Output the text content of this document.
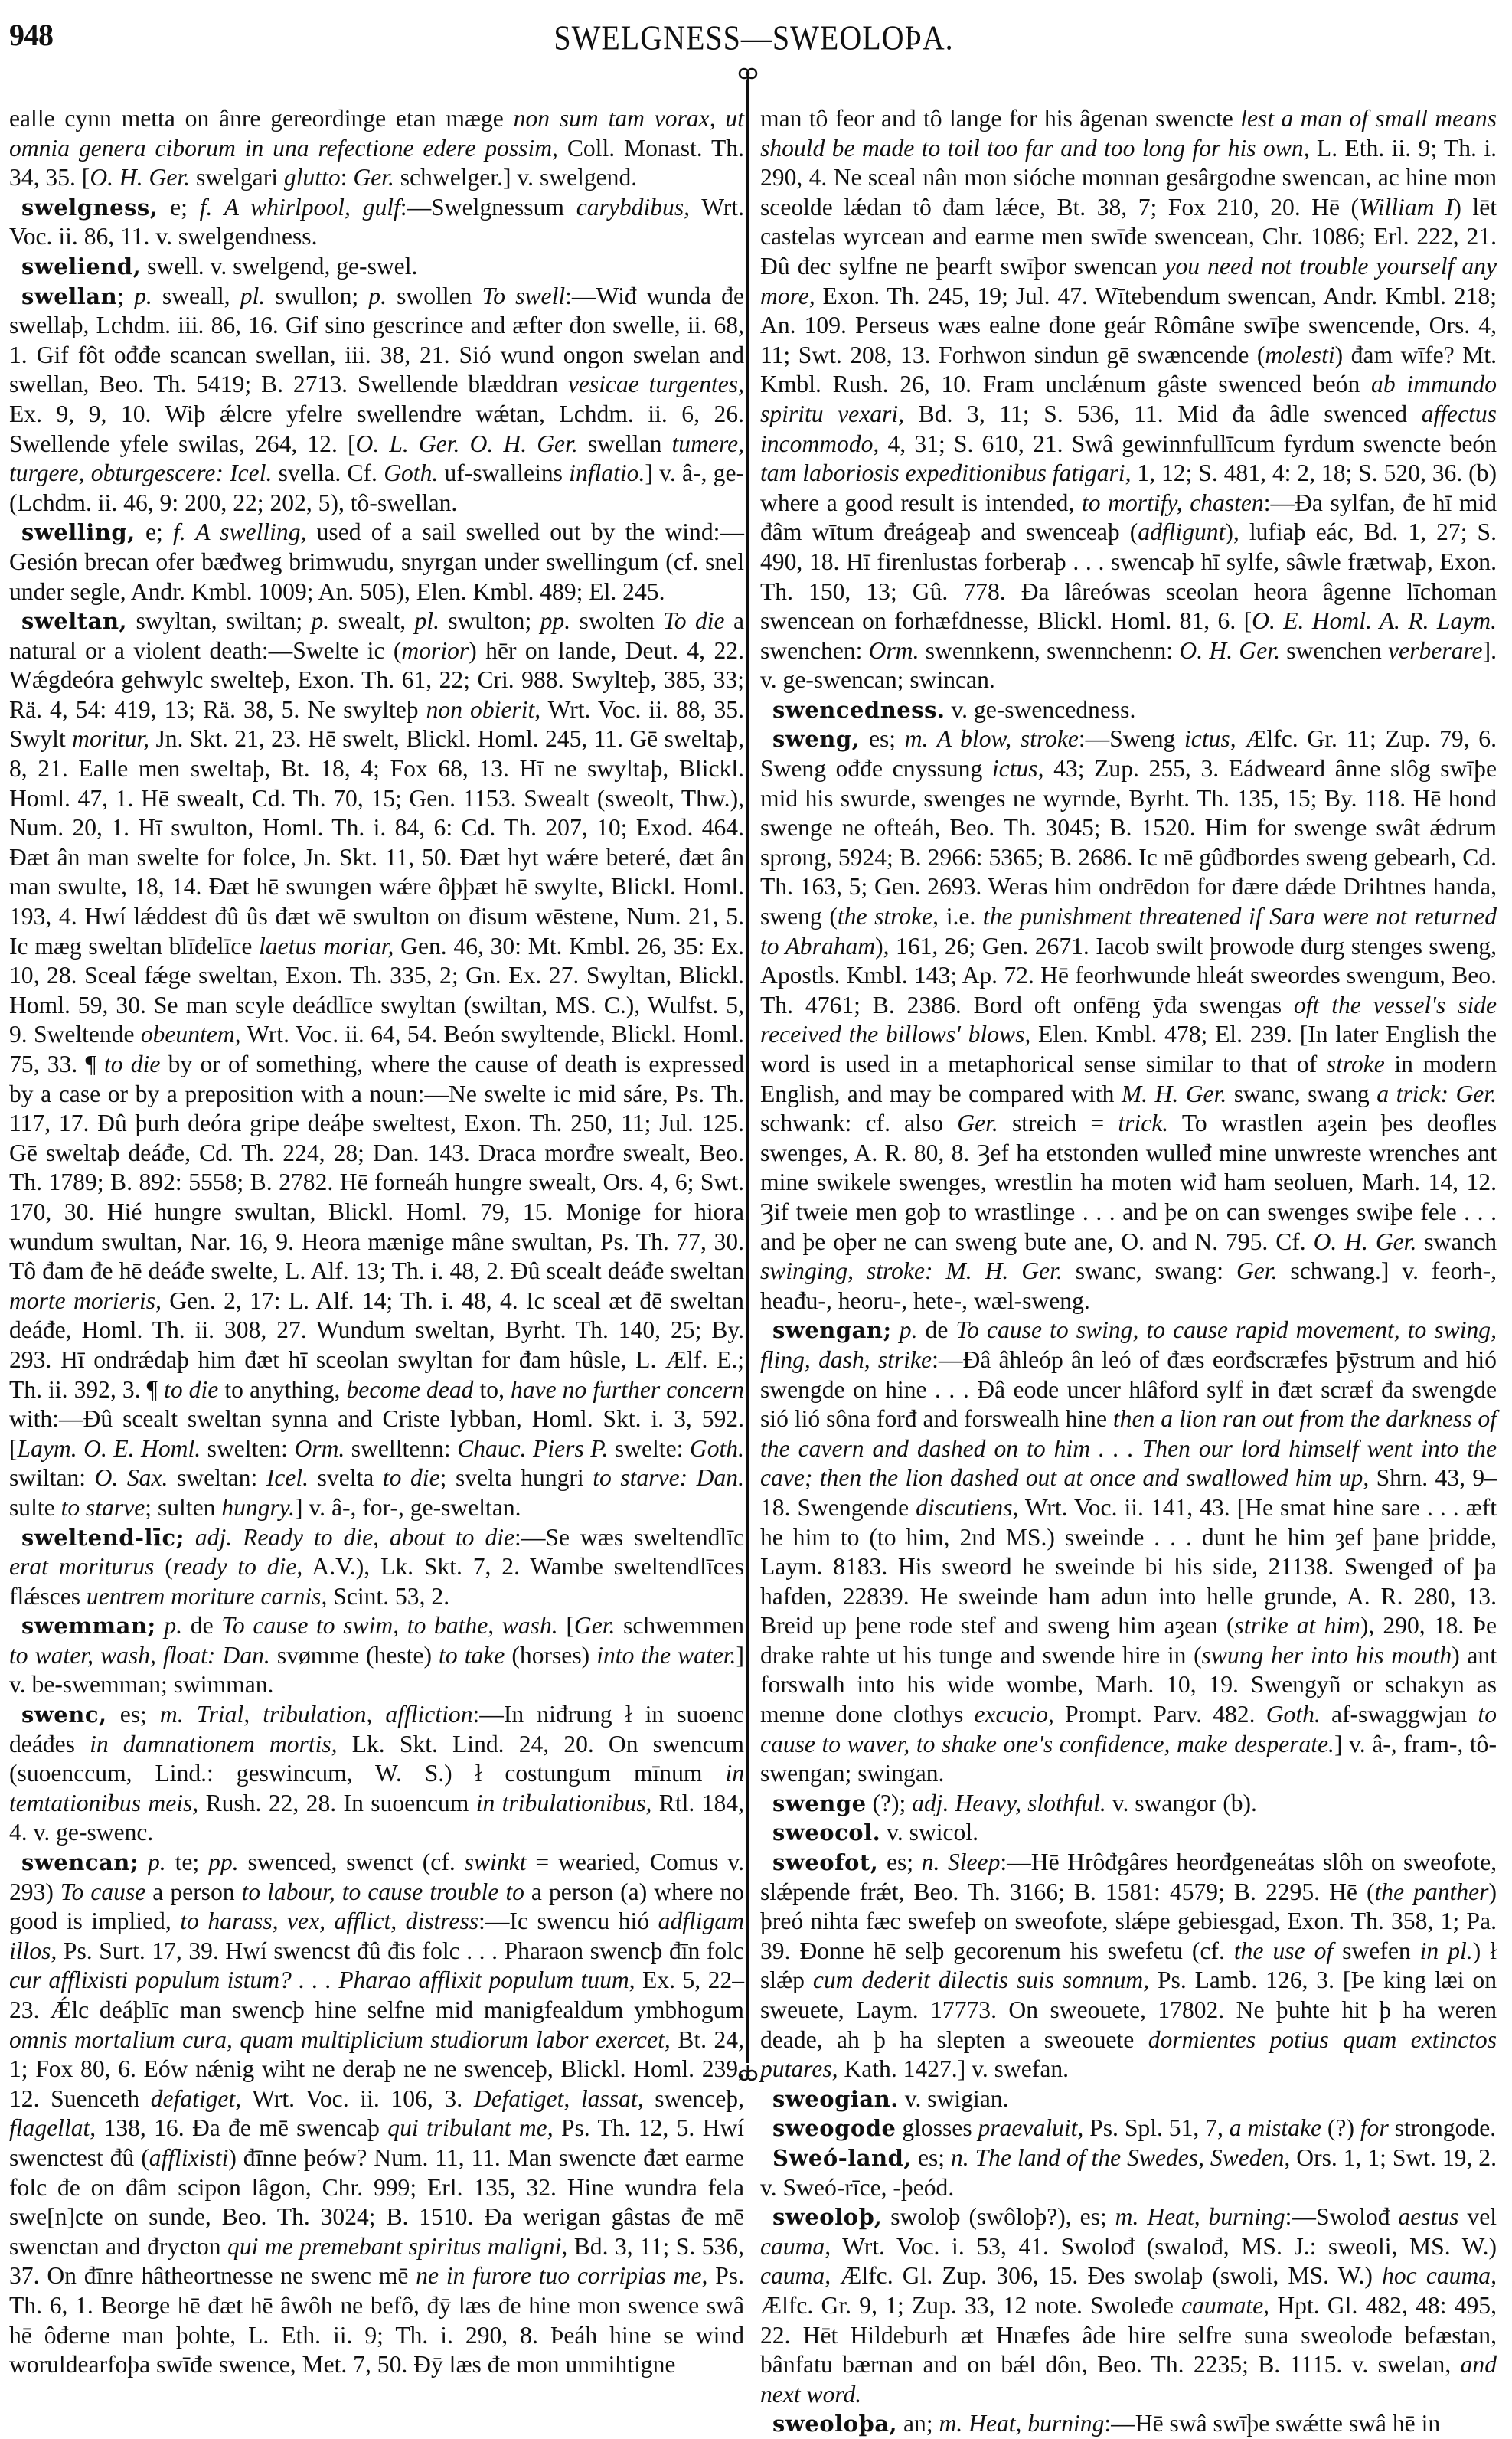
948	SWELGNESS—SWEOLOÞA.

ealle cynn metta on ânre gereordinge etan mæge non sum tam vorax, ut omnia genera ciborum in una refectione edere possim, Coll. Monast. Th. 34, 35. [O. H. Ger. swelgari glutto: Ger. schwelger.] v. swelgend.

swelgness, e; f. A whirlpool, gulf:—Swelgnessum carybdibus, Wrt. Voc. ii. 86, 11. v. swelgendness.

sweliend, swell. v. swelgend, ge-swel.

swellan; p. sweall, pl. swullon; p. swollen To swell:—Wiđ wunda đe swellaþ, Lchdm. iii. 86, 16. Gif sino gescrince and æfter đon swelle, ii. 68, 1. Gif fôt ođđe scancan swellan, iii. 38, 21. Sió wund ongon swelan and swellan, Beo. Th. 5419; B. 2713. Swellende blæddran vesicae turgentes, Ex. 9, 9, 10. Wiþ ǽlcre yfelre swellendre wǽtan, Lchdm. ii. 6, 26. Swellende yfele swilas, 264, 12. [O. L. Ger. O. H. Ger. swellan tumere, turgere, obturgescere: Icel. svella. Cf. Goth. uf-swalleins inflatio.] v. â-, ge- (Lchdm. ii. 46, 9: 200, 22; 202, 5), tô-swellan.

swelling, e; f. A swelling, used of a sail swelled out by the wind:—Gesión brecan ofer bæđweg brimwudu, snyrgan under swellingum (cf. snel under segle, Andr. Kmbl. 1009; An. 505), Elen. Kmbl. 489; El. 245.

sweltan, swyltan, swiltan; p. swealt, pl. swulton; pp. swolten To die a natural or a violent death:—Swelte ic (morior) hēr on lande, Deut. 4, 22. Wǽgdeóra gehwylc swelteþ, Exon. Th. 61, 22; Cri. 988. Swylteþ, 385, 33; Rä. 4, 54: 419, 13; Rä. 38, 5. Ne swylteþ non obierit, Wrt. Voc. ii. 88, 35. Swylt moritur, Jn. Skt. 21, 23. Hē swelt, Blickl. Homl. 245, 11. Gē sweltaþ, 8, 21. Ealle men sweltaþ, Bt. 18, 4; Fox 68, 13. Hī ne swyltaþ, Blickl. Homl. 47, 1. Hē swealt, Cd. Th. 70, 15; Gen. 1153. Swealt (sweolt, Thw.), Num. 20, 1. Hī swulton, Homl. Th. i. 84, 6: Cd. Th. 207, 10; Exod. 464. Đæt ân man swelte for folce, Jn. Skt. 11, 50. Đæt hyt wǽre beteré, đæt ân man swulte, 18, 14. Đæt hē swungen wǽre ôþþæt hē swylte, Blickl. Homl. 193, 4. Hwí lǽddest đû ûs đæt wē swulton on đisum wēstene, Num. 21, 5. Ic mæg sweltan blīđelīce laetus moriar, Gen. 46, 30: Mt. Kmbl. 26, 35: Ex. 10, 28. Sceal fǽge sweltan, Exon. Th. 335, 2; Gn. Ex. 27. Swyltan, Blickl. Homl. 59, 30. Se man scyle deádlīce swyltan (swiltan, MS. C.), Wulfst. 5, 9. Sweltende obeuntem, Wrt. Voc. ii. 64, 54. Beón swyltende, Blickl. Homl. 75, 33. ¶ to die by or of something, where the cause of death is expressed by a case or by a preposition with a noun:—Ne swelte ic mid sáre, Ps. Th. 117, 17. Đû þurh deóra gripe deáþe sweltest, Exon. Th. 250, 11; Jul. 125. Gē sweltaþ deáđe, Cd. Th. 224, 28; Dan. 143. Draca morđre swealt, Beo. Th. 1789; B. 892: 5558; B. 2782. Hē forneáh hungre swealt, Ors. 4, 6; Swt. 170, 30. Hié hungre swultan, Blickl. Homl. 79, 15. Monige for hiora wundum swultan, Nar. 16, 9. Heora mænige mâne swultan, Ps. Th. 77, 30. Tô đam đe hē deáđe swelte, L. Alf. 13; Th. i. 48, 2. Đû scealt deáđe sweltan morte morieris, Gen. 2, 17: L. Alf. 14; Th. i. 48, 4. Ic sceal æt đē sweltan deáđe, Homl. Th. ii. 308, 27. Wundum sweltan, Byrht. Th. 140, 25; By. 293. Hī ondrǽdaþ him đæt hī sceolan swyltan for đam hûsle, L. Ælf. E.; Th. ii. 392, 3. ¶ to die to anything, become dead to, have no further concern with:—Đû scealt sweltan synna and Criste lybban, Homl. Skt. i. 3, 592. [Laym. O. E. Homl. swelten: Orm. swelltenn: Chauc. Piers P. swelte: Goth. swiltan: O. Sax. sweltan: Icel. svelta to die; svelta hungri to starve: Dan. sulte to starve; sulten hungry.] v. â-, for-, ge-sweltan.

sweltend-līc; adj. Ready to die, about to die:—Se wæs sweltendlīc erat moriturus (ready to die, A.V.), Lk. Skt. 7, 2. Wambe sweltendlīces flǽsces uentrem moriture carnis, Scint. 53, 2.

swemman; p. de To cause to swim, to bathe, wash. [Ger. schwemmen to water, wash, float: Dan. svømme (heste) to take (horses) into the water.] v. be-swemman; swimman.

swenc, es; m. Trial, tribulation, affliction:—In niđrung ł in suoenc deáđes in damnationem mortis, Lk. Skt. Lind. 24, 20. On swencum (suoenccum, Lind.: geswincum, W. S.) ł costungum mīnum in temtationibus meis, Rush. 22, 28. In suoencum in tribulationibus, Rtl. 184, 4. v. ge-swenc.

swencan; p. te; pp. swenced, swenct (cf. swinkt = wearied, Comus v. 293) To cause a person to labour, to cause trouble to a person (a) where no good is implied, to harass, vex, afflict, distress:—Ic swencu hió adfligam illos, Ps. Surt. 17, 39. Hwí swencst đû đis folc . . . Pharaon swencþ đīn folc cur afflixisti populum istum? . . . Pharao afflixit populum tuum, Ex. 5, 22–23. Ǽlc deáþlīc man swencþ hine selfne mid manigfealdum ymbhogum omnis mortalium cura, quam multiplicium studiorum labor exercet, Bt. 24, 1; Fox 80, 6. Eów nǽnig wiht ne deraþ ne ne swenceþ, Blickl. Homl. 239, 12. Suenceth defatiget, Wrt. Voc. ii. 106, 3. Defatiget, lassat, swenceþ, flagellat, 138, 16. Đa đe mē swencaþ qui tribulant me, Ps. Th. 12, 5. Hwí swenctest đû (afflixisti) đīnne þeów? Num. 11, 11. Man swencte đæt earme folc đe on đâm scipon lâgon, Chr. 999; Erl. 135, 32. Hine wundra fela swe[n]cte on sunde, Beo. Th. 3024; B. 1510. Đa werigan gâstas đe mē swenctan and đrycton qui me premebant spiritus maligni, Bd. 3, 11; S. 536, 37. On đīnre hâtheortnesse ne swenc mē ne in furore tuo corripias me, Ps. Th. 6, 1. Beorge hē đæt hē âwôh ne befô, đȳ læs đe hine mon swence swâ hē ôđerne man þohte, L. Eth. ii. 9; Th. i. 290, 8. Þeáh hine se wind woruldearfoþa swīđe swence, Met. 7, 50. Đȳ læs đe mon unmihtigne

man tô feor and tô lange for his âgenan swencte lest a man of small means should be made to toil too far and too long for his own, L. Eth. ii. 9; Th. i. 290, 4. Ne sceal nân mon sióche monnan gesârgodne swencan, ac hine mon sceolde lǽdan tô đam lǽce, Bt. 38, 7; Fox 210, 20. Hē (William I) lēt castelas wyrcean and earme men swīđe swencean, Chr. 1086; Erl. 222, 21. Đû đec sylfne ne þearft swīþor swencan you need not trouble yourself any more, Exon. Th. 245, 19; Jul. 47. Wītebendum swencan, Andr. Kmbl. 218; An. 109. Perseus wæs ealne đone geár Rômâne swīþe swencende, Ors. 4, 11; Swt. 208, 13. Forhwon sindun gē swæncende (molesti) đam wīfe? Mt. Kmbl. Rush. 26, 10. Fram unclǽnum gâste swenced beón ab immundo spiritu vexari, Bd. 3, 11; S. 536, 11. Mid đa âdle swenced affectus incommodo, 4, 31; S. 610, 21. Swâ gewinnfullīcum fyrdum swencte beón tam laboriosis expeditionibus fatigari, 1, 12; S. 481, 4: 2, 18; S. 520, 36. (b) where a good result is intended, to mortify, chasten:—Đa sylfan, đe hī mid đâm wītum đreágeaþ and swenceaþ (adfligunt), lufiaþ eác, Bd. 1, 27; S. 490, 18. Hī firenlustas forberaþ . . . swencaþ hī sylfe, sâwle frætwaþ, Exon. Th. 150, 13; Gû. 778. Đa lâreówas sceolan heora âgenne līchoman swencean on forhæfdnesse, Blickl. Homl. 81, 6. [O. E. Homl. A. R. Laym. swenchen: Orm. swennkenn, swennchenn: O. H. Ger. swenchen verberare]. v. ge-swencan; swincan.

swencedness. v. ge-swencedness.

sweng, es; m. A blow, stroke:—Sweng ictus, Ælfc. Gr. 11; Zup. 79, 6. Sweng ođđe cnyssung ictus, 43; Zup. 255, 3. Eádweard ânne slôg swīþe mid his swurde, swenges ne wyrnde, Byrht. Th. 135, 15; By. 118. Hē hond swenge ne ofteáh, Beo. Th. 3045; B. 1520. Him for swenge swât ǽdrum sprong, 5924; B. 2966: 5365; B. 2686. Ic mē gûđbordes sweng gebearh, Cd. Th. 163, 5; Gen. 2693. Weras him ondrēdon for đære dǽde Drihtnes handa, sweng (the stroke, i.e. the punishment threatened if Sara were not returned to Abraham), 161, 26; Gen. 2671. Iacob swilt þrowode đurg stenges sweng, Apostls. Kmbl. 143; Ap. 72. Hē feorhwunde hleát sweordes swengum, Beo. Th. 4761; B. 2386. Bord oft onfēng ȳđa swengas oft the vessel's side received the billows' blows, Elen. Kmbl. 478; El. 239. [In later English the word is used in a metaphorical sense similar to that of stroke in modern English, and may be compared with M. H. Ger. swanc, swang a trick: Ger. schwank: cf. also Ger. streich = trick. To wrastlen aȝein þes deofles swenges, A. R. 80, 8. Ȝef ha etstonden wulleđ mine unwreste wrenches ant mine swikele swenges, wrestlin ha moten wiđ ham seoluen, Marh. 14, 12. Ȝif tweie men goþ to wrastlinge . . . and þe on can swenges swiþe fele . . . and þe oþer ne can sweng bute ane, O. and N. 795. Cf. O. H. Ger. swanch swinging, stroke: M. H. Ger. swanc, swang: Ger. schwang.] v. feorh-, heađu-, heoru-, hete-, wæl-sweng.

swengan; p. de To cause to swing, to cause rapid movement, to swing, fling, dash, strike:—Đâ âhleóp ân leó of đæs eorđscræfes þȳstrum and hió swengde on hine . . . Đâ eode uncer hlâford sylf in đæt scræf đa swengde sió lió sôna forđ and forswealh hine then a lion ran out from the darkness of the cavern and dashed on to him . . . Then our lord himself went into the cave; then the lion dashed out at once and swallowed him up, Shrn. 43, 9–18. Swengende discutiens, Wrt. Voc. ii. 141, 43. [He smat hine sare . . . æft he him to (to him, 2nd MS.) sweinde . . . dunt he him ȝef þane þridde, Laym. 8183. His sweord he sweinde bi his side, 21138. Swengeđ of þa hafden, 22839. He sweinde ham adun into helle grunde, A. R. 280, 13. Breid up þene rode stef and sweng him aȝean (strike at him), 290, 18. Þe drake rahte ut his tunge and swende hire in (swung her into his mouth) ant forswalh into his wide wombe, Marh. 10, 19. Swengyñ or schakyn as menne done clothys excucio, Prompt. Parv. 482. Goth. af-swaggwjan to cause to waver, to shake one's confidence, make desperate.] v. â-, fram-, tô-swengan; swingan.

swenge (?); adj. Heavy, slothful. v. swangor (b).

sweocol. v. swicol.

sweofot, es; n. Sleep:—Hē Hrôđgâres heorđgeneátas slôh on sweofote, slǽpende frǽt, Beo. Th. 3166; B. 1581: 4579; B. 2295. Hē (the panther) þreó nihta fæc swefeþ on sweofote, slǽpe gebiesgad, Exon. Th. 358, 1; Pa. 39. Đonne hē selþ gecorenum his swefetu (cf. the use of swefen in pl.) ł slǽp cum dederit dilectis suis somnum, Ps. Lamb. 126, 3. [Þe king læi on sweuete, Laym. 17773. On sweouete, 17802. Ne þuhte hit þ ha weren deade, ah þ ha slepten a sweouete dormientes potius quam extinctos putares, Kath. 1427.] v. swefan.

sweogian. v. swigian.

sweogode glosses praevaluit, Ps. Spl. 51, 7, a mistake (?) for strongode.

Sweó-land, es; n. The land of the Swedes, Sweden, Ors. 1, 1; Swt. 19, 2. v. Sweó-rīce, -þeód.

sweoloþ, swoloþ (swôloþ?), es; m. Heat, burning:—Swolođ aestus vel cauma, Wrt. Voc. i. 53, 41. Swolođ (swalođ, MS. J.: sweoli, MS. W.) cauma, Ælfc. Gl. Zup. 306, 15. Đes swolaþ (swoli, MS. W.) hoc cauma, Ælfc. Gr. 9, 1; Zup. 33, 12 note. Swoleđe caumate, Hpt. Gl. 482, 48: 495, 22. Hēt Hildeburh æt Hnæfes âde hire selfre suna sweolođe befæstan, bânfatu bærnan and on bǽl dôn, Beo. Th. 2235; B. 1115. v. swelan, and next word.

sweoloþa, an; m. Heat, burning:—Hē swâ swīþe swǽtte swâ hē in
